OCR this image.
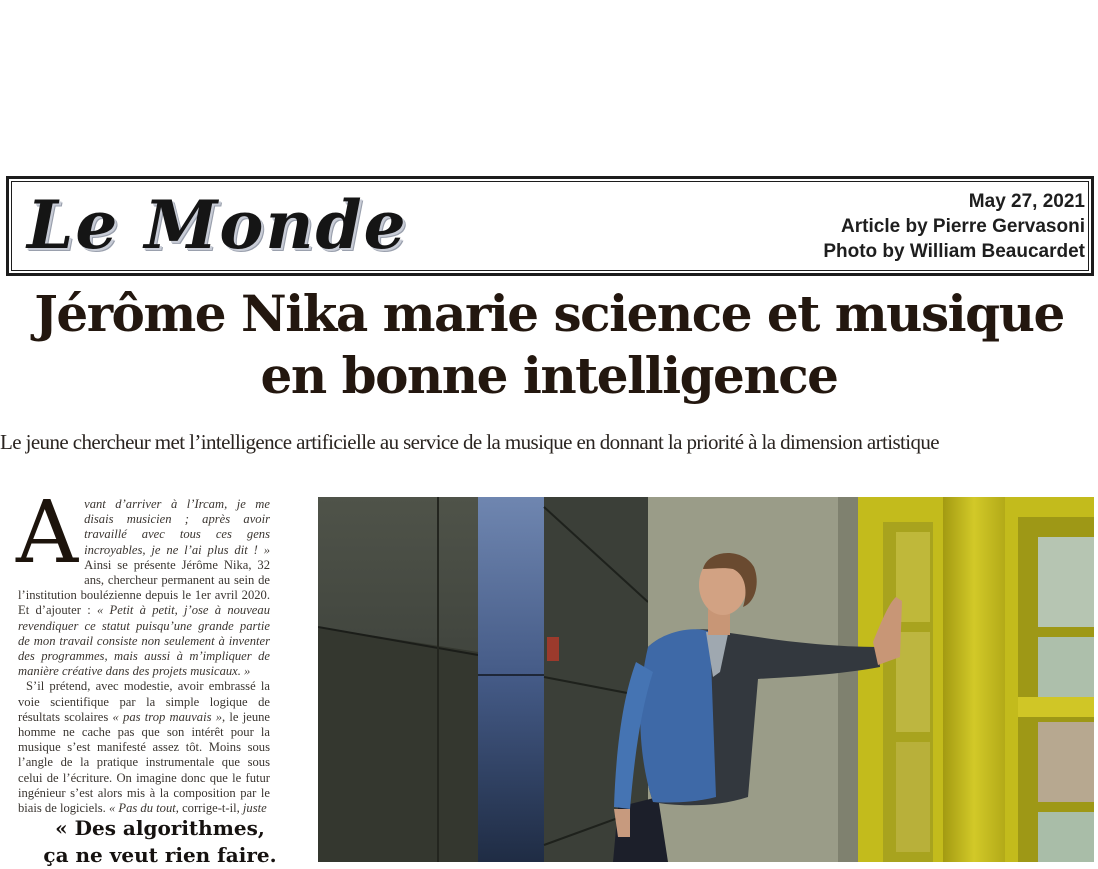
Le Monde	May 27, 2021
Article by Pierre Gervasoni
Photo by William Beaucardet
Jérôme Nika marie science et musique
en bonne intelligence
Le jeune chercheur met l’intelligence artificielle au service de la musique en donnant la priorité à la dimension artistique

Avant d’arriver à l’Ircam, je me disais musicien ; après avoir travaillé avec tous ces gens incroyables, je ne l’ai plus dit ! » Ainsi se présente Jérôme Nika, 32 ans, chercheur permanent au sein de l’institution boulézienne depuis le 1er avril 2020. Et d’ajouter : « Petit à petit, j’ose à nouveau revendiquer ce statut puisqu’une grande partie de mon travail consiste non seulement à inventer des programmes, mais aussi à m’impliquer de manière créative dans des projets musicaux. »

S’il prétend, avec modestie, avoir embrassé la voie scientifique par la simple logique de résultats scolaires « pas trop mauvais », le jeune homme ne cache pas que son intérêt pour la musique s’est manifesté assez tôt. Moins sous l’angle de la pratique instrumentale que sous celui de l’écriture. On imagine donc que le futur ingénieur s’est alors mis à la composition par le biais de logiciels. « Pas du tout, corrige-t-il, juste

« Des algorithmes,
ça ne veut rien faire.
